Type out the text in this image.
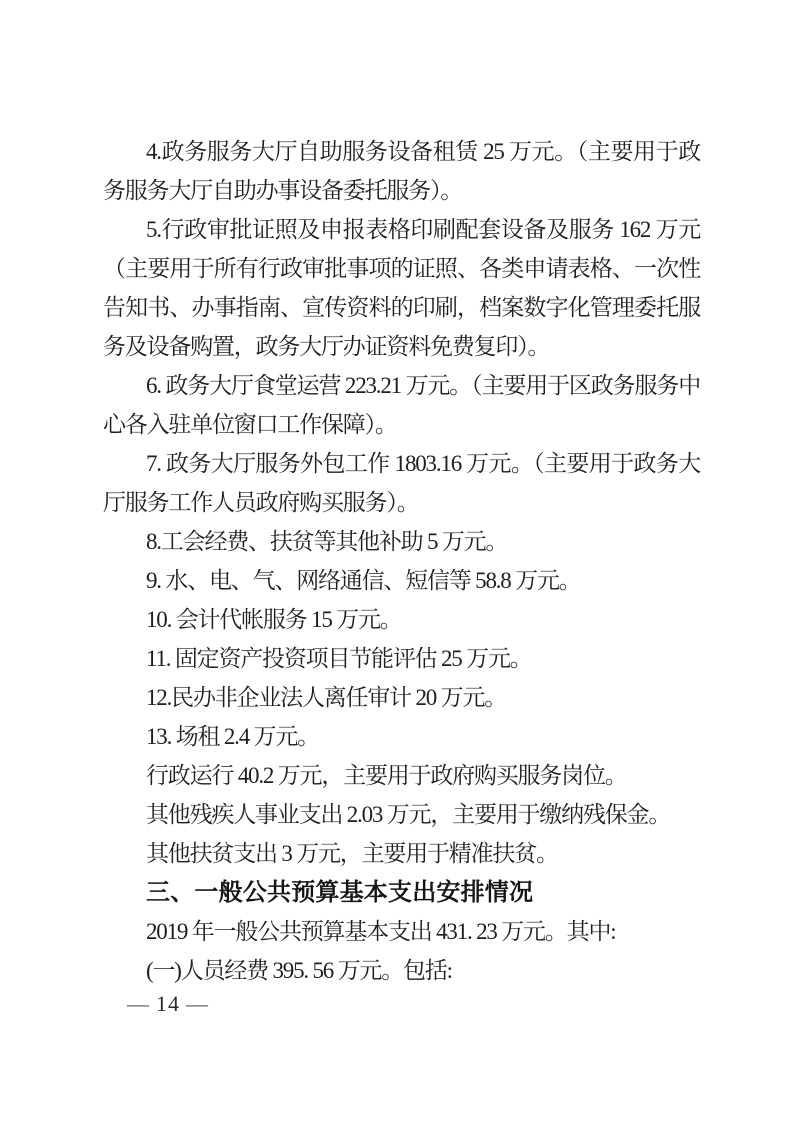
4.政务服务大厅自助服务设备租赁 25 万元。（主要用于政务服务大厅自助办事设备委托服务）。

5.行政审批证照及申报表格印刷配套设备及服务 162 万元（主要用于所有行政审批事项的证照、各类申请表格、一次性告知书、办事指南、宣传资料的印刷，档案数字化管理委托服务及设备购置，政务大厅办证资料免费复印）。

6. 政务大厅食堂运营 223.21 万元。（主要用于区政务服务中心各入驻单位窗口工作保障）。

7. 政务大厅服务外包工作 1803.16 万元。（主要用于政务大厅服务工作人员政府购买服务）。

8.工会经费、扶贫等其他补助 5 万元。

9. 水、电、气、网络通信、短信等 58.8 万元。

10. 会计代帐服务 15 万元。

11. 固定资产投资项目节能评估 25 万元。

12.民办非企业法人离任审计 20 万元。

13. 场租 2.4 万元。

行政运行 40.2 万元，主要用于政府购买服务岗位。

其他残疾人事业支出 2.03 万元，主要用于缴纳残保金。

其他扶贫支出 3 万元，主要用于精准扶贫。

三、一般公共预算基本支出安排情况

2019 年一般公共预算基本支出 431. 23 万元。其中:

(一)人员经费 395. 56 万元。包括:

— 14 —
